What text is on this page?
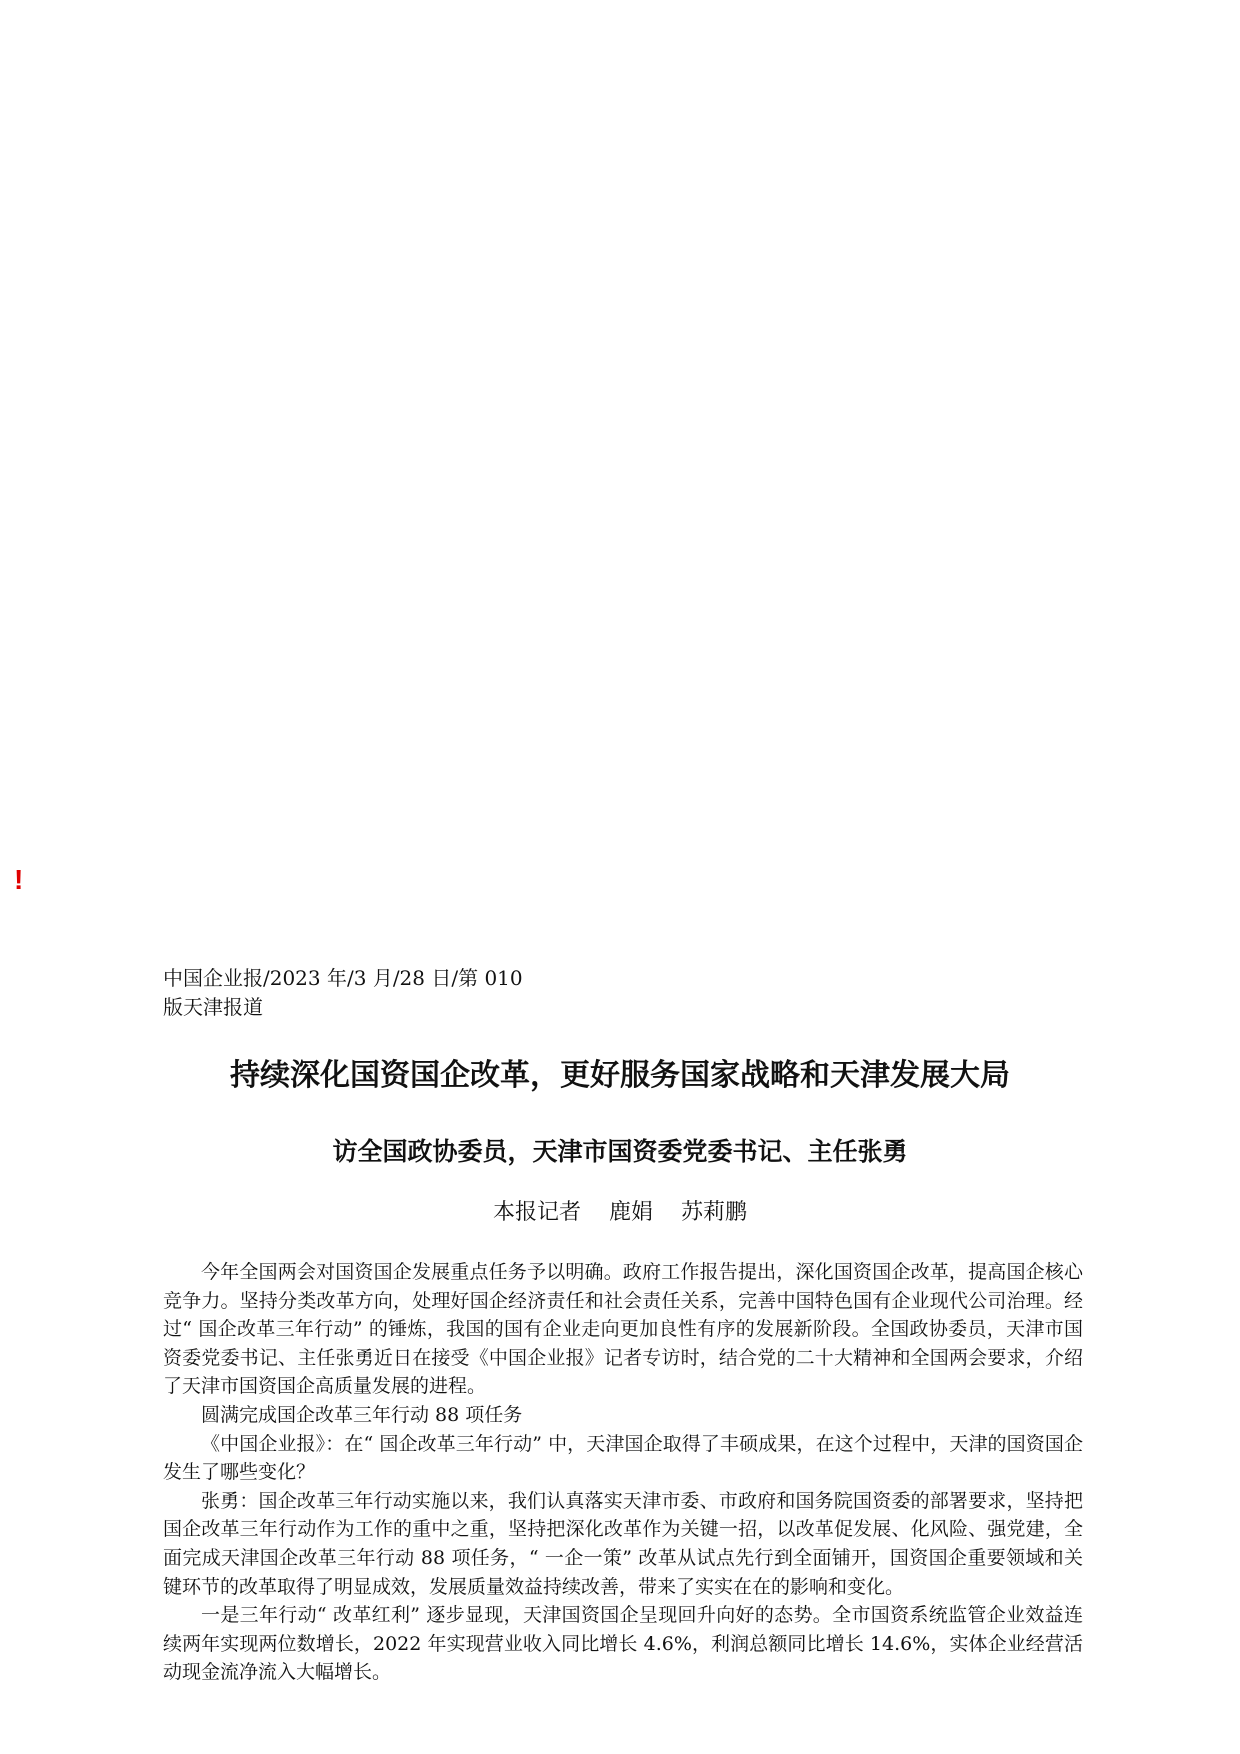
!
中国企业报/2023 年/3 月/28 日/第 010
版天津报道
持续深化国资国企改革，更好服务国家战略和天津发展大局
访全国政协委员，天津市国资委党委书记、主任张勇
本报记者    鹿娟    苏莉鹏

今年全国两会对国资国企发展重点任务予以明确。政府工作报告提出，深化国资国企改革，提高国企核心竞争力。坚持分类改革方向，处理好国企经济责任和社会责任关系，完善中国特色国有企业现代公司治理。经过“ 国企改革三年行动” 的锤炼，我国的国有企业走向更加良性有序的发展新阶段。全国政协委员，天津市国资委党委书记、主任张勇近日在接受《中国企业报》记者专访时，结合党的二十大精神和全国两会要求，介绍了天津市国资国企高质量发展的进程。

圆满完成国企改革三年行动 88 项任务

《中国企业报》：在“ 国企改革三年行动” 中，天津国企取得了丰硕成果，在这个过程中，天津的国资国企发生了哪些变化？

张勇：国企改革三年行动实施以来，我们认真落实天津市委、市政府和国务院国资委的部署要求，坚持把国企改革三年行动作为工作的重中之重，坚持把深化改革作为关键一招，以改革促发展、化风险、强党建，全面完成天津国企改革三年行动 88 项任务，“ 一企一策” 改革从试点先行到全面铺开，国资国企重要领域和关键环节的改革取得了明显成效，发展质量效益持续改善，带来了实实在在的影响和变化。

一是三年行动“ 改革红利” 逐步显现，天津国资国企呈现回升向好的态势。全市国资系统监管企业效益连续两年实现两位数增长，2022 年实现营业收入同比增长 4.6%，利润总额同比增长 14.6%，实体企业经营活动现金流净流入大幅增长。
